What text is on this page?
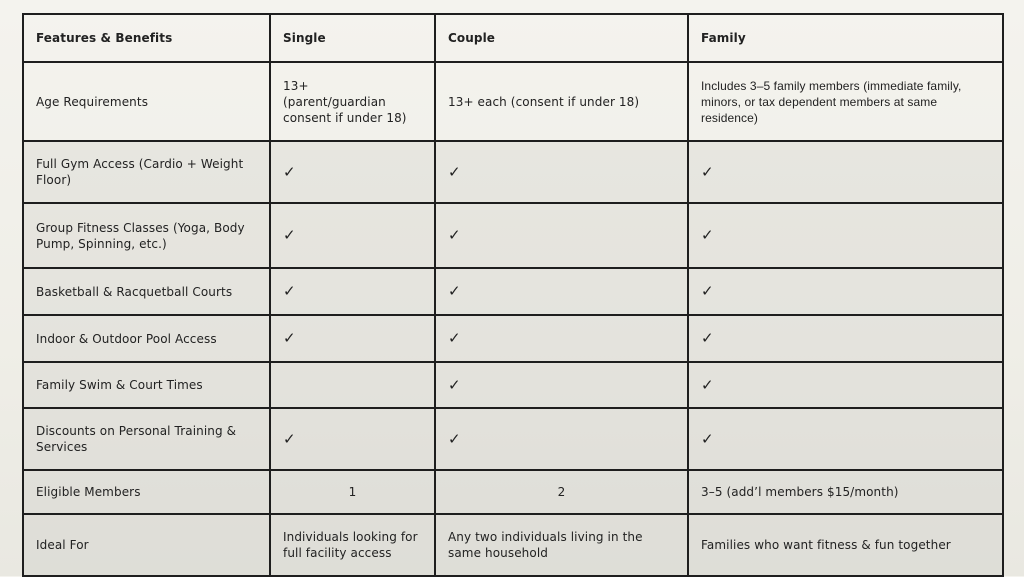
Features & Benefits	Single	Couple	Family
Age Requirements	13+        (parent/guardian consent if under 18)	13+ each (consent if under 18)	Includes 3–5 family members (immediate family, minors, or tax dependent members at same residence)
Full Gym Access (Cardio + Weight Floor)	✓	✓	✓
Group Fitness Classes (Yoga, Body Pump, Spinning, etc.)	✓	✓	✓
Basketball & Racquetball Courts	✓	✓	✓
Indoor & Outdoor Pool Access	✓	✓	✓
Family Swim & Court Times		✓	✓
Discounts on Personal Training & Services	✓	✓	✓
Eligible Members	1	2	3–5 (add’l members $15/month)
Ideal For	Individuals looking for full facility access	Any two individuals living in the same household	Families who want fitness & fun together
